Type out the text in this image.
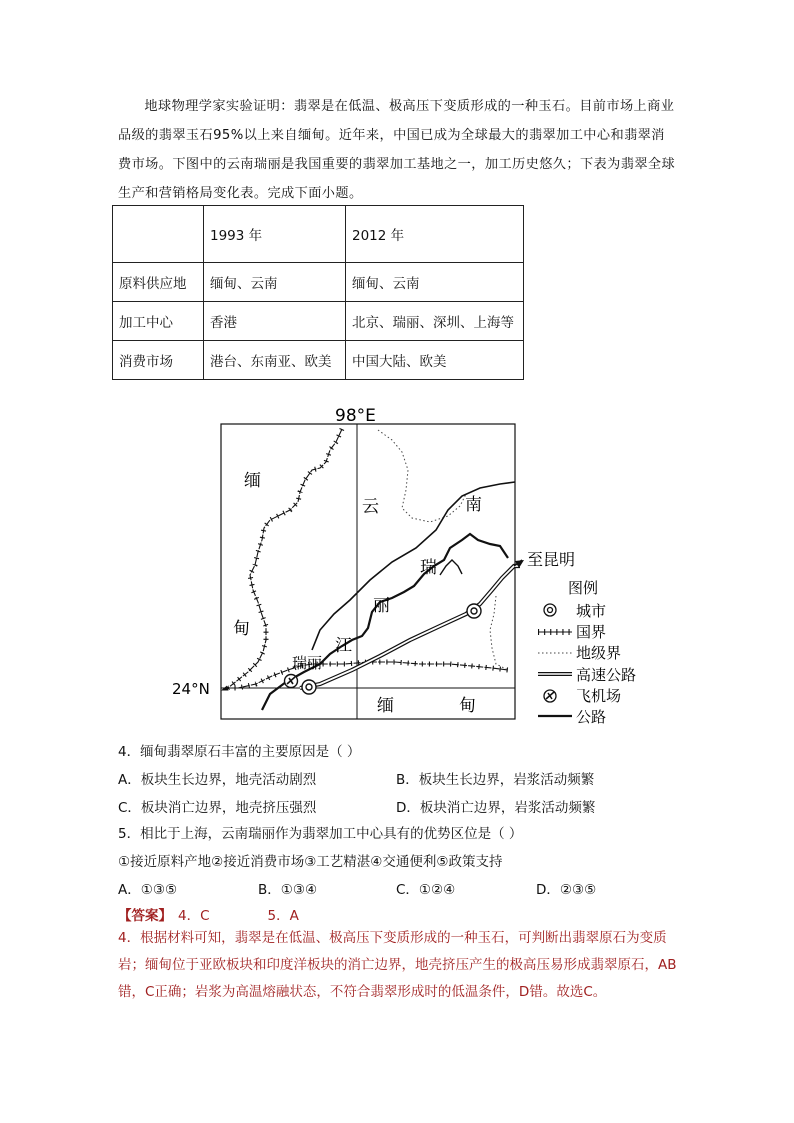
地球物理学家实验证明：翡翠是在低温、极高压下变质形成的一种玉石。目前市场上商业品级的翡翠玉石95%以上来自缅甸。近年来，中国已成为全球最大的翡翠加工中心和翡翠消费市场。下图中的云南瑞丽是我国重要的翡翠加工基地之一，加工历史悠久；下表为翡翠全球生产和营销格局变化表。完成下面小题。

	1993 年	2012 年
原料供应地	缅甸、云南	缅甸、云南
加工中心	香港	北京、瑞丽、深圳、上海等
消费市场	港台、东南亚、欧美	中国大陆、欧美
98°E
24°N
缅
甸
云	南
瑞
丽
江
瑞丽
缅	甸
至昆明
图例
城市
国界
地级界
高速公路
飞机场
公路
4．缅甸翡翠原石丰富的主要原因是（ ）
A．板块生长边界，地壳活动剧烈	B．板块生长边界，岩浆活动频繁
C．板块消亡边界，地壳挤压强烈	D．板块消亡边界，岩浆活动频繁
5．相比于上海，云南瑞丽作为翡翠加工中心具有的优势区位是（ ）
①接近原料产地②接近消费市场③工艺精湛④交通便利⑤政策支持
A．①③⑤	B．①③④	C．①②④	D．②③⑤
【答案】 4．C	5．A
4．根据材料可知，翡翠是在低温、极高压下变质形成的一种玉石，可判断出翡翠原石为变质岩；缅甸位于亚欧板块和印度洋板块的消亡边界，地壳挤压产生的极高压易形成翡翠原石，AB错，C正确；岩浆为高温熔融状态，不符合翡翠形成时的低温条件，D错。故选C。
